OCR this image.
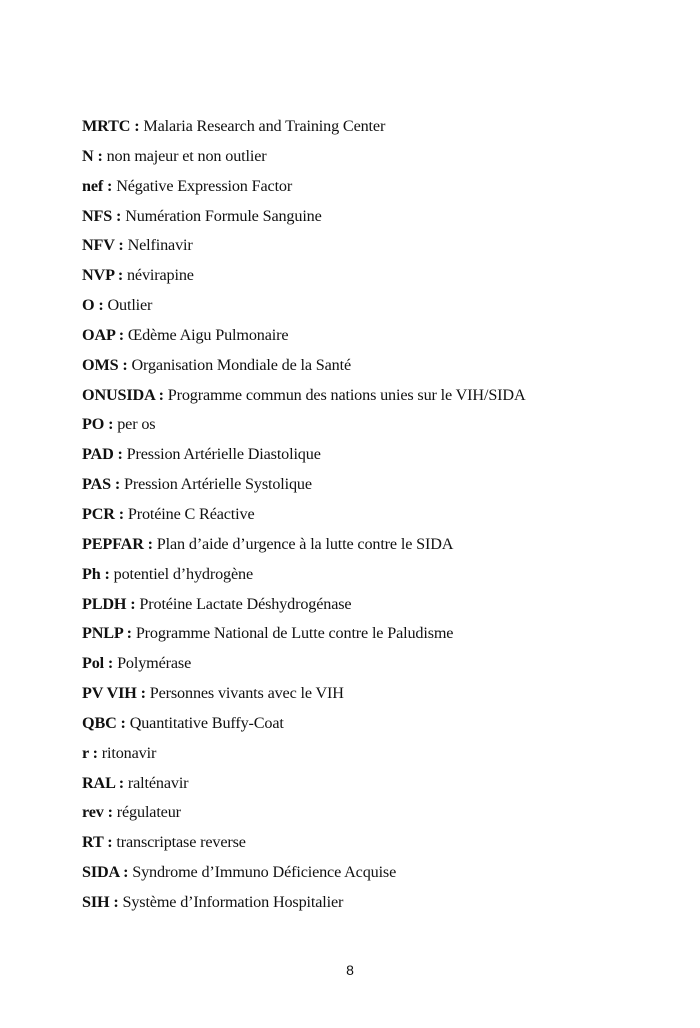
MRTC : Malaria Research and Training Center
N : non majeur et non outlier
nef : Négative Expression Factor
NFS : Numération Formule Sanguine
NFV : Nelfinavir
NVP : névirapine
O : Outlier
OAP : Œdème Aigu Pulmonaire
OMS : Organisation Mondiale de la Santé
ONUSIDA : Programme commun des nations unies sur le VIH/SIDA
PO : per os
PAD : Pression Artérielle Diastolique
PAS : Pression Artérielle Systolique
PCR : Protéine C Réactive
PEPFAR : Plan d’aide d’urgence à la lutte contre le SIDA
Ph : potentiel d’hydrogène
PLDH : Protéine Lactate Déshydrogénase
PNLP : Programme National de Lutte contre le Paludisme
Pol : Polymérase
PV VIH : Personnes vivants avec le VIH
QBC : Quantitative Buffy-Coat
r : ritonavir
RAL : ralténavir
rev : régulateur
RT : transcriptase reverse
SIDA : Syndrome d’Immuno Déficience Acquise
SIH : Système d’Information Hospitalier
8
